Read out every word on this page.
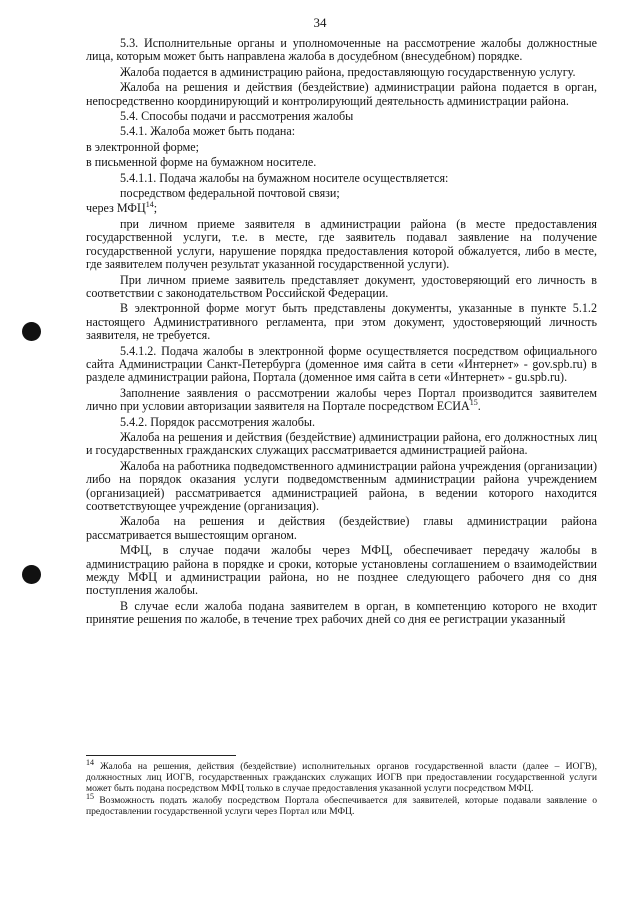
34

5.3. Исполнительные органы и уполномоченные на рассмотрение жалобы должностные лица, которым может быть направлена жалоба в досудебном (внесудебном) порядке.

Жалоба подается в администрацию района, предоставляющую государственную услугу.

Жалоба на решения и действия (бездействие) администрации района подается в орган, непосредственно координирующий и контролирующий деятельность администрации района.

5.4. Способы подачи и рассмотрения жалобы

5.4.1. Жалоба может быть подана:

в электронной форме;

в письменной форме на бумажном носителе.

5.4.1.1. Подача жалобы на бумажном носителе осуществляется:

посредством федеральной почтовой связи;

через МФЦ$^{14}$;

при личном приеме заявителя в администрации района (в месте предоставления государственной услуги, т.е. в месте, где заявитель подавал заявление на получение государственной услуги, нарушение порядка предоставления которой обжалуется, либо в месте, где заявителем получен результат указанной государственной услуги).

При личном приеме заявитель представляет документ, удостоверяющий его личность в соответствии с законодательством Российской Федерации.

В электронной форме могут быть представлены документы, указанные в пункте 5.1.2 настоящего Административного регламента, при этом документ, удостоверяющий личность заявителя, не требуется.

5.4.1.2. Подача жалобы в электронной форме осуществляется посредством официального сайта Администрации Санкт-Петербурга (доменное имя сайта в сети «Интернет» - gov.spb.ru) в разделе администрации района, Портала (доменное имя сайта в сети «Интернет» - gu.spb.ru).

Заполнение заявления о рассмотрении жалобы через Портал производится заявителем лично при условии авторизации заявителя на Портале посредством ЕСИА$^{15}$.

5.4.2. Порядок рассмотрения жалобы.

Жалоба на решения и действия (бездействие) администрации района, его должностных лиц и государственных гражданских служащих рассматривается администрацией района.

Жалоба на работника подведомственного администрации района учреждения (организации) либо на порядок оказания услуги подведомственным администрации района учреждением (организацией) рассматривается администрацией района, в ведении которого находится соответствующее учреждение (организация).

Жалоба на решения и действия (бездействие) главы администрации района рассматривается вышестоящим органом.

МФЦ, в случае подачи жалобы через МФЦ, обеспечивает передачу жалобы в администрацию района в порядке и сроки, которые установлены соглашением о взаимодействии между МФЦ и администрации района, но не позднее следующего рабочего дня со дня поступления жалобы.

В случае если жалоба подана заявителем в орган, в компетенцию которого не входит принятие решения по жалобе, в течение трех рабочих дней со дня ее регистрации указанный

$^{14}$ Жалоба на решения, действия (бездействие) исполнительных органов государственной власти (далее – ИОГВ), должностных лиц ИОГВ, государственных гражданских служащих ИОГВ при предоставлении государственной услуги может быть подана посредством МФЦ только в случае предоставления указанной услуги посредством МФЦ.

$^{15}$ Возможность подать жалобу посредством Портала обеспечивается для заявителей, которые подавали заявление о предоставлении государственной услуги через Портал или МФЦ.
